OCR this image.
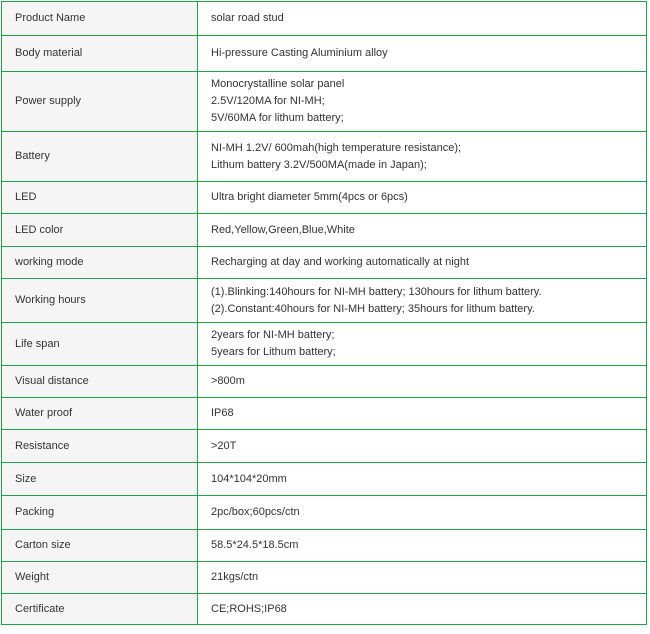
Product Name	solar road stud

Body material	Hi-pressure Casting Aluminium alloy

Power supply	Monocrystalline solar panel
2.5V/120MA for NI-MH;
5V/60MA for lithum battery;

Battery	NI-MH 1.2V/ 600mah(high temperature resistance);
Lithum battery 3.2V/500MA(made in Japan);

LED	Ultra bright diameter 5mm(4pcs or 6pcs)

LED color	Red,Yellow,Green,Blue,White

working mode	Recharging at day and working automatically at night

Working hours	(1).Blinking:140hours for NI-MH battery; 130hours for lithum battery.
(2).Constant:40hours for NI-MH battery; 35hours for lithum battery.

Life span	2years for NI-MH battery;
5years for Lithum battery;

Visual distance	>800m

Water proof	IP68

Resistance	>20T

Size	104*104*20mm

Packing	2pc/box;60pcs/ctn

Carton size	58.5*24.5*18.5cm

Weight	21kgs/ctn

Certificate	CE;ROHS;IP68
